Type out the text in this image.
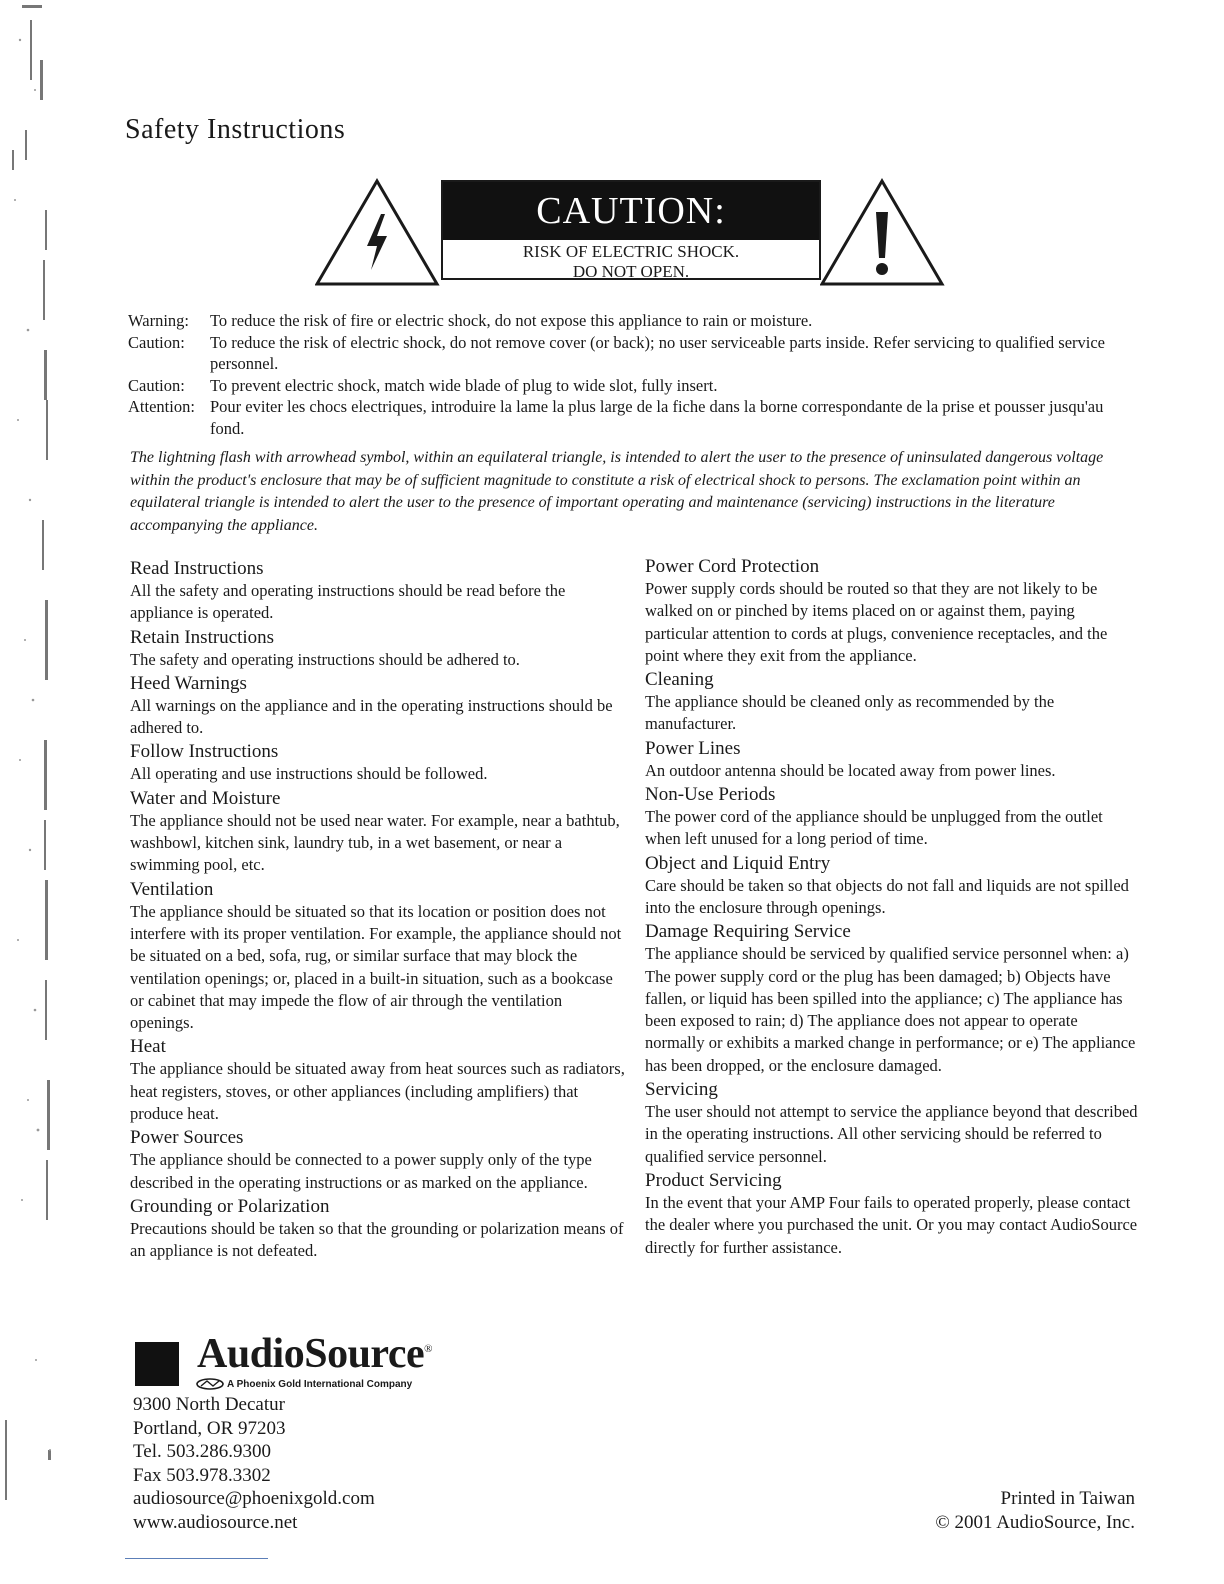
Safety Instructions
CAUTION:
RISK OF ELECTRIC SHOCK.
DO NOT OPEN.
Warning:	To reduce the risk of fire or electric shock, do not expose this appliance to rain or moisture.
Caution:	To reduce the risk of electric shock, do not remove cover (or back); no user serviceable parts inside. Refer servicing to qualified service personnel.
Caution:	To prevent electric shock, match wide blade of plug to wide slot, fully insert.
Attention: Pour eviter les chocs electriques, introduire la lame la plus large de la fiche dans la borne correspondante de la prise et pousser jusqu'au fond.
The lightning flash with arrowhead symbol, within an equilateral triangle, is intended to alert the user to the presence of uninsulated dangerous voltage within the product's enclosure that may be of sufficient magnitude to constitute a risk of electrical shock to persons. The exclamation point within an equilateral triangle is intended to alert the user to the presence of important operating and maintenance (servicing) instructions in the literature accompanying the appliance.
Read Instructions
All the safety and operating instructions should be read before the appliance is operated.
Retain Instructions
The safety and operating instructions should be adhered to.
Heed Warnings
All warnings on the appliance and in the operating instructions should be adhered to.
Follow Instructions
All operating and use instructions should be followed.
Water and Moisture
The appliance should not be used near water. For example, near a bathtub, washbowl, kitchen sink, laundry tub, in a wet basement, or near a swimming pool, etc.
Ventilation
The appliance should be situated so that its location or position does not interfere with its proper ventilation. For example, the appliance should not be situated on a bed, sofa, rug, or similar surface that may block the ventilation openings; or, placed in a built-in situation, such as a bookcase or cabinet that may impede the flow of air through the ventilation openings.
Heat
The appliance should be situated away from heat sources such as radiators, heat registers, stoves, or other appliances (including amplifiers) that produce heat.
Power Sources
The appliance should be connected to a power supply only of the type described in the operating instructions or as marked on the appliance.
Grounding or Polarization
Precautions should be taken so that the grounding or polarization means of an appliance is not defeated.
Power Cord Protection
Power supply cords should be routed so that they are not likely to be walked on or pinched by items placed on or against them, paying particular attention to cords at plugs, convenience receptacles, and the point where they exit from the appliance.
Cleaning
The appliance should be cleaned only as recommended by the manufacturer.
Power Lines
An outdoor antenna should be located away from power lines.
Non-Use Periods
The power cord of the appliance should be unplugged from the outlet when left unused for a long period of time.
Object and Liquid Entry
Care should be taken so that objects do not fall and liquids are not spilled into the enclosure through openings.
Damage Requiring Service
The appliance should be serviced by qualified service personnel when: a) The power supply cord or the plug has been damaged; b) Objects have fallen, or liquid has been spilled into the appliance; c) The appliance has been exposed to rain; d) The appliance does not appear to operate normally or exhibits a marked change in performance; or e) The appliance has been dropped, or the enclosure damaged.
Servicing
The user should not attempt to service the appliance beyond that described in the operating instructions. All other servicing should be referred to qualified service personnel.
Product Servicing
In the event that your AMP Four fails to operated properly, please contact the dealer where you purchased the unit. Or you may contact AudioSource directly for further assistance.
AudioSource®
A Phoenix Gold International Company
9300 North Decatur
Portland, OR 97203
Tel. 503.286.9300
Fax 503.978.3302
audiosource@phoenixgold.com
www.audiosource.net
Printed in Taiwan
© 2001 AudioSource, Inc.
